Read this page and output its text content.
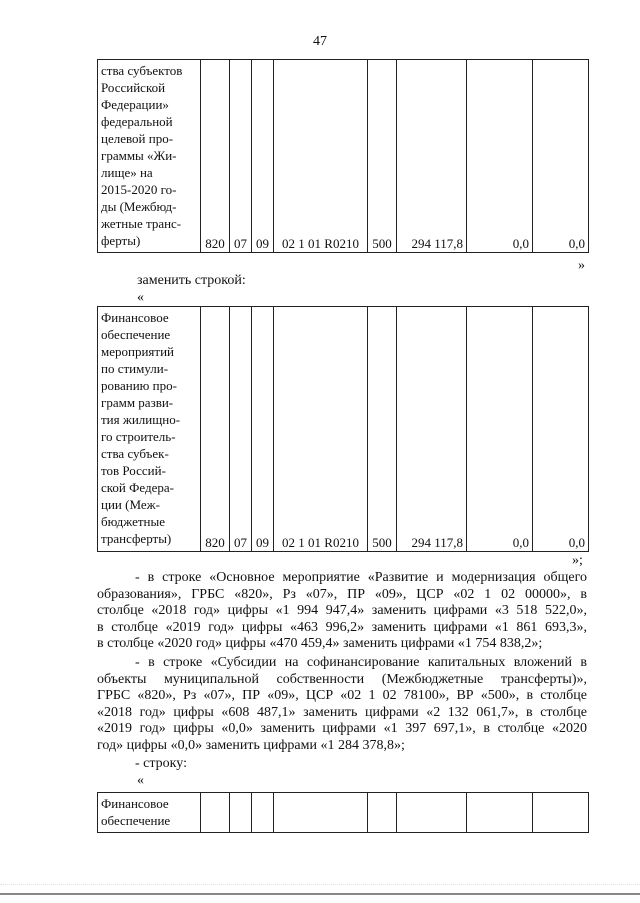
47
ства субъектов
Российской
Федерации»
федеральной
целевой про-
граммы «Жи-
лище» на
2015-2020 го-
ды (Межбюд-
жетные транс-
ферты)	820	07	09	02 1 01 R0210	500	294 117,8	0,0	0,0
»
заменить строкой:
«
Финансовое
обеспечение
мероприятий
по стимули-
рованию про-
грамм разви-
тия жилищно-
го строитель-
ства субъек-
тов Россий-
ской Федера-
ции (Меж-
бюджетные
трансферты)	820	07	09	02 1 01 R0210	500	294 117,8	0,0	0,0
»;
- в строке «Основное мероприятие «Развитие и модернизация общего
образования», ГРБС «820», Рз «07», ПР «09», ЦСР «02 1 02 00000», в
столбце «2018 год» цифры «1 994 947,4» заменить цифрами «3 518 522,0»,
в столбце «2019 год» цифры «463 996,2» заменить цифрами «1 861 693,3»,
в столбце «2020 год» цифры «470 459,4» заменить цифрами «1 754 838,2»;
- в строке «Субсидии на софинансирование капитальных вложений в
объекты муниципальной собственности (Межбюджетные трансферты)»,
ГРБС «820», Рз «07», ПР «09», ЦСР «02 1 02 78100», ВР «500», в столбце
«2018 год» цифры «608 487,1» заменить цифрами «2 132 061,7», в столбце
«2019 год» цифры «0,0» заменить цифрами «1 397 697,1», в столбце «2020
год» цифры «0,0» заменить цифрами «1 284 378,8»;
- строку:
«
Финансовое
обеспечение
